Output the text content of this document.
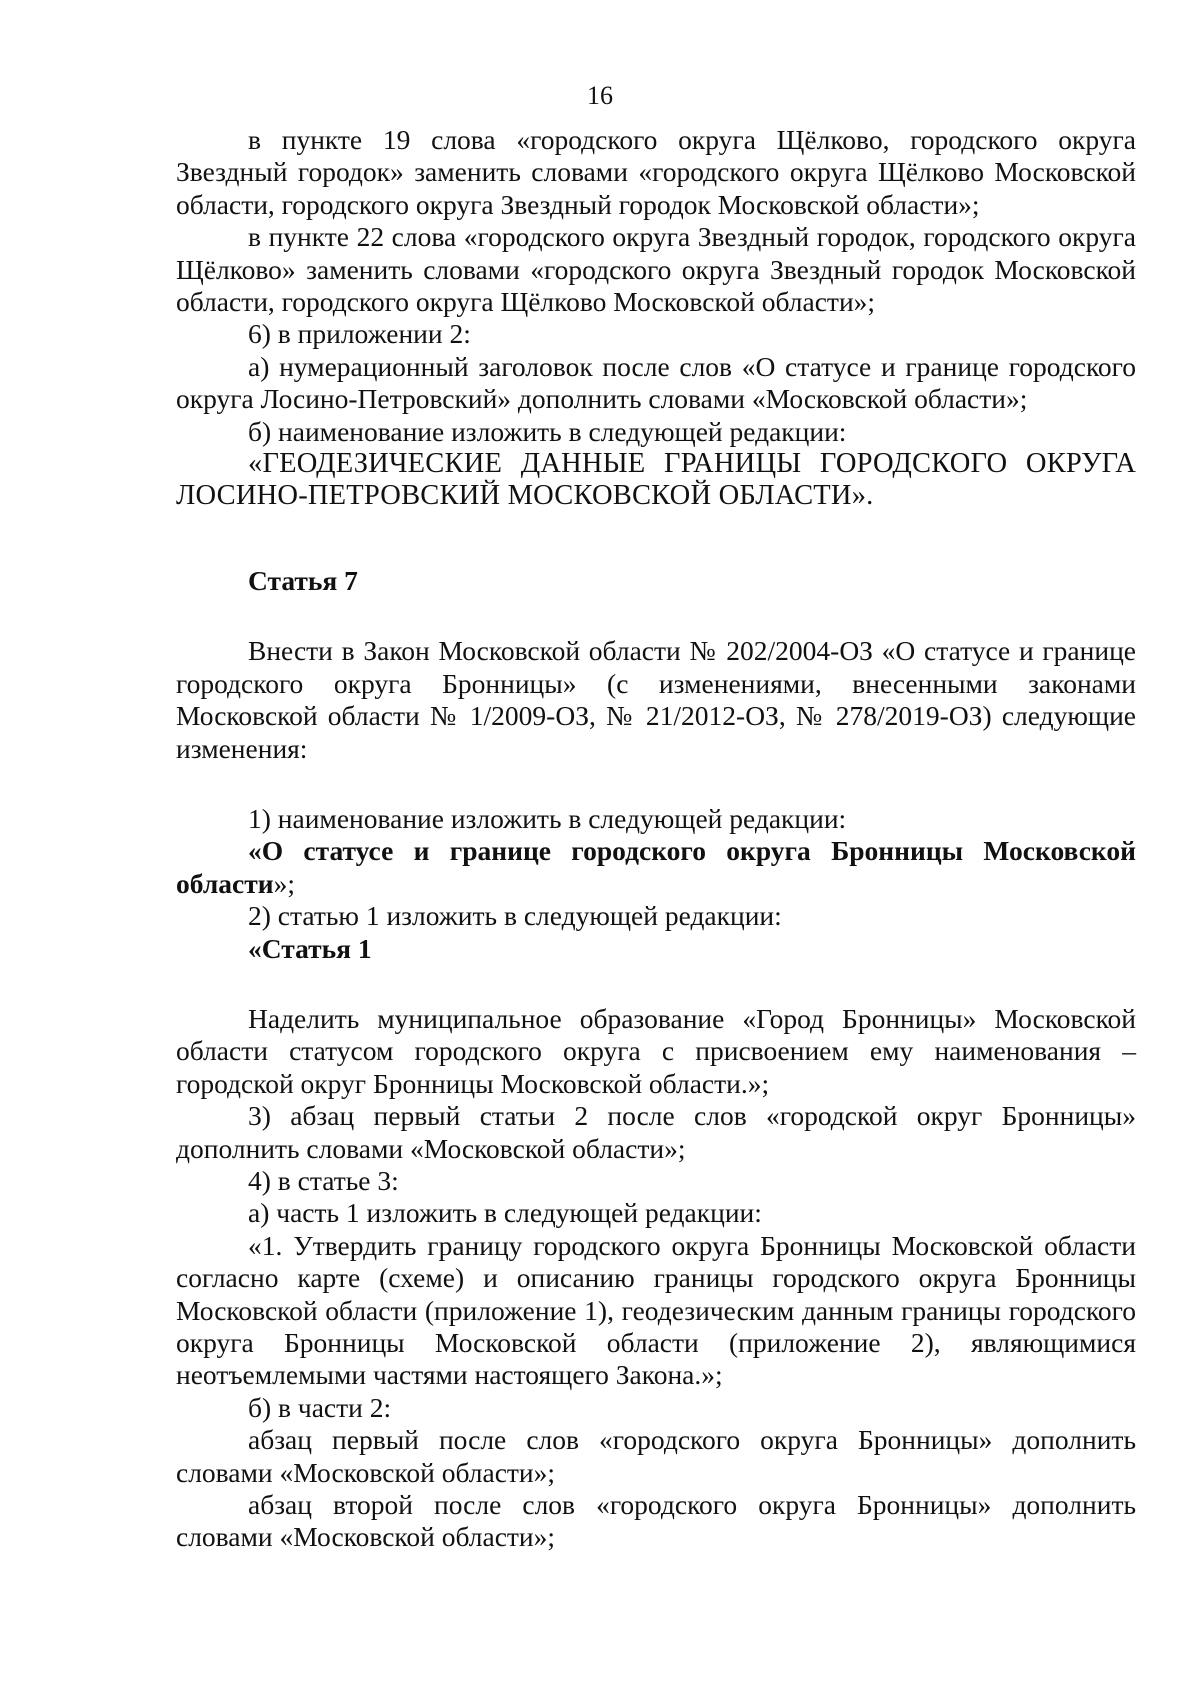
16

в пункте 19 слова «городского округа Щёлково, городского округа Звездный городок» заменить словами «городского округа Щёлково Московской области, городского округа Звездный городок Московской области»;

в пункте 22 слова «городского округа Звездный городок, городского округа Щёлково» заменить словами «городского округа Звездный городок Московской области, городского округа Щёлково Московской области»;

6) в приложении 2:

а) нумерационный заголовок после слов «О статусе и границе городского округа Лосино-Петровский» дополнить словами «Московской области»;

б) наименование изложить в следующей редакции:

«ГЕОДЕЗИЧЕСКИЕ ДАННЫЕ ГРАНИЦЫ ГОРОДСКОГО ОКРУГА ЛОСИНО-ПЕТРОВСКИЙ МОСКОВСКОЙ ОБЛАСТИ».

Статья 7

Внести в Закон Московской области № 202/2004-ОЗ «О статусе и границе городского округа Бронницы» (с изменениями, внесенными законами Московской области № 1/2009-ОЗ, № 21/2012-ОЗ, № 278/2019-ОЗ) следующие изменения:

1) наименование изложить в следующей редакции:

«О статусе и границе городского округа Бронницы Московской области»;

2) статью 1 изложить в следующей редакции:

«Статья 1

Наделить муниципальное образование «Город Бронницы» Московской области статусом городского округа с присвоением ему наименования – городской округ Бронницы Московской области.»;

3) абзац первый статьи 2 после слов «городской округ Бронницы» дополнить словами «Московской области»;

4) в статье 3:

а) часть 1 изложить в следующей редакции:

«1. Утвердить границу городского округа Бронницы Московской области согласно карте (схеме) и описанию границы городского округа Бронницы Московской области (приложение 1), геодезическим данным границы городского округа Бронницы Московской области (приложение 2), являющимися неотъемлемыми частями настоящего Закона.»;

б) в части 2:

абзац первый после слов «городского округа Бронницы» дополнить словами «Московской области»;

абзац второй после слов «городского округа Бронницы» дополнить словами «Московской области»;
